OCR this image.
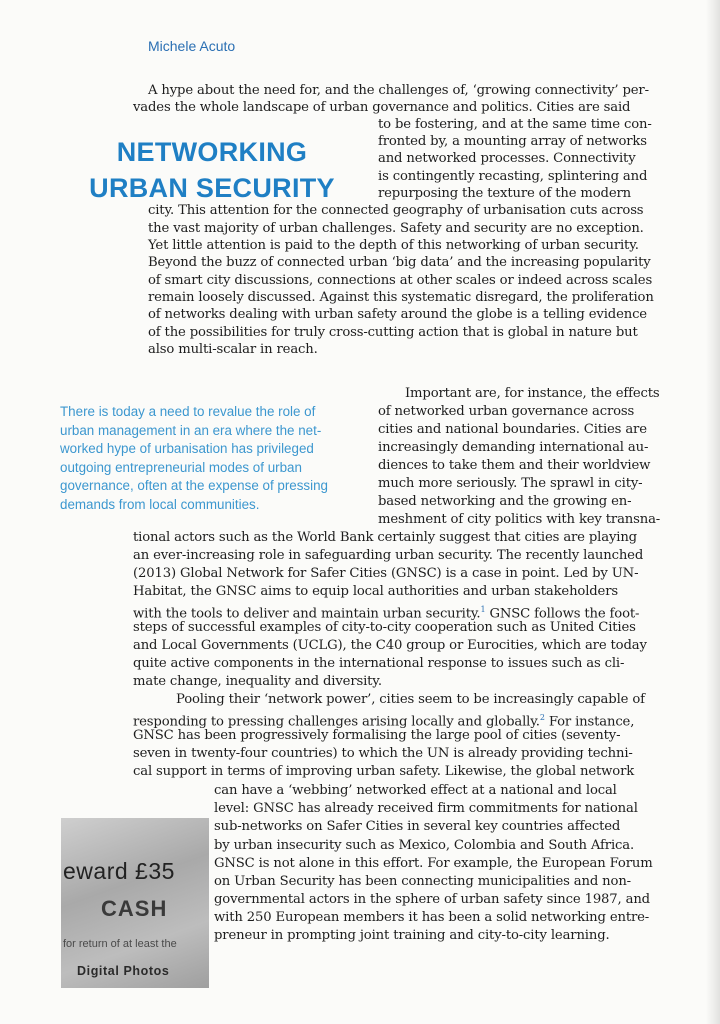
Michele Acuto
NETWORKING
URBAN SECURITY
A hype about the need for, and the challenges of, ‘growing connectivity’ per-
vades the whole landscape of urban governance and politics. Cities are said
to be fostering, and at the same time con-
fronted by, a mounting array of networks
and networked processes. Connectivity
is contingently recasting, splintering and
repurposing the texture of the modern
city. This attention for the connected geography of urbanisation cuts across
the vast majority of urban challenges. Safety and security are no exception.
Yet little attention is paid to the depth of this networking of urban security.
Beyond the buzz of connected urban ‘big data’ and the increasing popularity
of smart city discussions, connections at other scales or indeed across scales
remain loosely discussed. Against this systematic disregard, the proliferation
of networks dealing with urban safety around the globe is a telling evidence
of the possibilities for truly cross-cutting action that is global in nature but
also multi-scalar in reach.
Important are, for instance, the effects
of networked urban governance across
cities and national boundaries. Cities are
increasingly demanding international au-
diences to take them and their worldview
much more seriously. The sprawl in city-
based networking and the growing en-
meshment of city politics with key transna-
tional actors such as the World Bank certainly suggest that cities are playing
an ever-increasing role in safeguarding urban security. The recently launched
(2013) Global Network for Safer Cities (GNSC) is a case in point. Led by UN-
Habitat, the GNSC aims to equip local authorities and urban stakeholders
with the tools to deliver and maintain urban security.$^1$ GNSC follows the foot-
steps of successful examples of city-to-city cooperation such as United Cities
and Local Governments (UCLG), the C40 group or Eurocities, which are today
quite active components in the international response to issues such as cli-
mate change, inequality and diversity.
Pooling their ‘network power’, cities seem to be increasingly capable of
responding to pressing challenges arising locally and globally.$^2$ For instance,
GNSC has been progressively formalising the large pool of cities (seventy-
seven in twenty-four countries) to which the UN is already providing techni-
cal support in terms of improving urban safety. Likewise, the global network
can have a ‘webbing’ networked effect at a national and local
level: GNSC has already received firm commitments for national
sub-networks on Safer Cities in several key countries affected
by urban insecurity such as Mexico, Colombia and South Africa.
GNSC is not alone in this effort. For example, the European Forum
on Urban Security has been connecting municipalities and non-
governmental actors in the sphere of urban safety since 1987, and
with 250 European members it has been a solid networking entre-
preneur in prompting joint training and city-to-city learning.
There is today a need to revalue the role of
urban management in an era where the net-
worked hype of urbanisation has privileged
outgoing entrepreneurial modes of urban
governance, often at the expense of pressing
demands from local communities.
eward £35
CASH
for return of at least the
Digital Photos
